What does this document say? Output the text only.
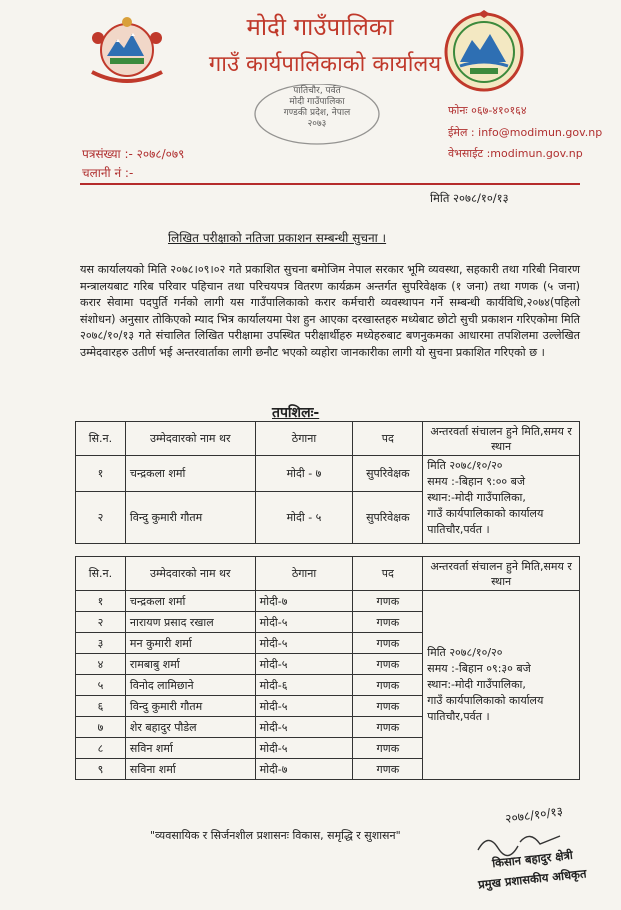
मोदी गाउँपालिका
गाउँ कार्यपालिकाको कार्यालय
पातिचौर, पर्वत
मोदी गाउँपालिका
गण्डकी प्रदेश, नेपाल
२०७३
फोनः ०६७-४१०१६४
ईमेल : info@modimun.gov.np
वेभसाईट :modimun.gov.np
पत्रसंख्या :- २०७८/०७९
चलानी नं :-
मिति २०७८/१०/१३
लिखित परीक्षाको नतिजा प्रकाशन सम्बन्धी सुचना ।
यस कार्यालयको मिति २०७८।०९।०२ गते प्रकाशित सुचना बमोजिम नेपाल सरकार भूमि व्यवस्था, सहकारी तथा गरिबी निवारण मन्त्रालयबाट गरिब परिवार पहिचान तथा परिचयपत्र वितरण कार्यक्रम अन्तर्गत सुपरिवेक्षक (१ जना) तथा गणक (५ जना) करार सेवामा पदपुर्ति गर्नको लागी यस गाउँपालिकाको करार कर्मचारी व्यवस्थापन गर्ने सम्बन्धी कार्यविधि,२०७४(पहिलो संशोधन) अनुसार तोकिएको म्याद भित्र कार्यालयमा पेश हुन आएका दरखास्तहरु मध्येबाट छोटो सुची प्रकाशन गरिएकोमा मिति २०७८/१०/१३ गते संचालित लिखित परीक्षामा उपस्थित परीक्षार्थीहरु मध्येहरुबाट बणनुकमका आधारमा तपशिलमा उल्लेखित उम्मेदवारहरु उतीर्ण भई अन्तरवार्ताका लागी छनौट भएको व्यहोरा जानकारीका लागी यो सुचना प्रकाशित गरिएको छ ।
तपशिलः-
सि.न.	उम्मेदवारको नाम थर	ठेगाना	पद	अन्तरवर्ता संचालन हुने मिति,समय र स्थान
१	चन्द्रकला शर्मा	मोदी - ७	सुपरिवेक्षक	मिति २०७८/१०/२०
समय :-बिहान ९:०० बजे
स्थान:-मोदी गाउँपालिका,
गाउँ कार्यपालिकाको कार्यालय
पातिचौर,पर्वत ।

२	विन्दु कुमारी गौतम	मोदी - ५	सुपरिवेक्षक	
सि.न.	उम्मेदवारको नाम थर	ठेगाना	पद	अन्तरवर्ता संचालन हुने मिति,समय र स्थान
१	चन्द्रकला शर्मा	मोदी-७	गणक	मिति २०७८/१०/२०
समय :-बिहान ०९:३० बजे
स्थान:-मोदी गाउँपालिका,
गाउँ कार्यपालिकाको कार्यालय
पातिचौर,पर्वत ।

२	नारायण प्रसाद रखाल	मोदी-५	गणक	
३	मन कुमारी शर्मा	मोदी-५	गणक	
४	रामबाबु शर्मा	मोदी-५	गणक	
५	विनोद लामिछाने	मोदी-६	गणक	
६	विन्दु कुमारी गौतम	मोदी-५	गणक	
७	शेर बहादुर पौडेल	मोदी-५	गणक	
८	सविन शर्मा	मोदी-५	गणक	
९	सविना शर्मा	मोदी-७	गणक	
"व्यवसायिक र सिर्जनशील प्रशासनः विकास, समृद्धि र सुशासन"
२०७८/१०/१३
किसान बहादुर क्षेत्री
प्रमुख प्रशासकीय अधिकृत
